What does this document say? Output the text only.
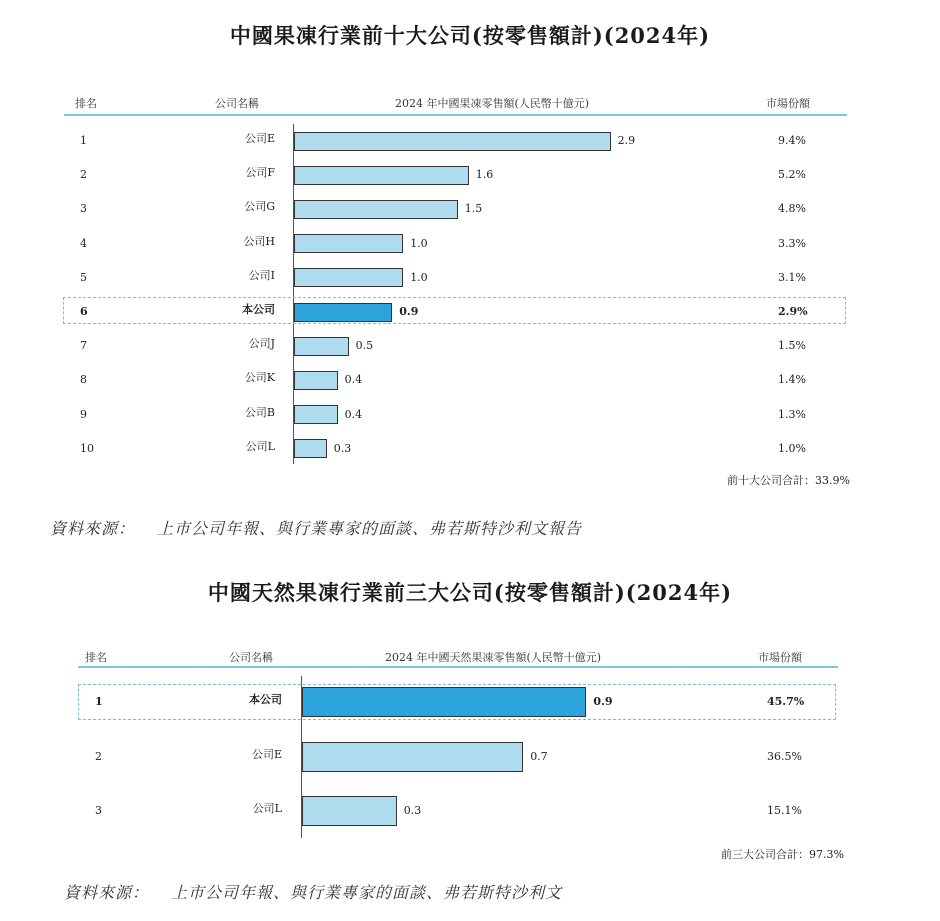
中國果凍行業前十大公司(按零售額計)(2024年)
排名	公司名稱	2024 年中國果凍零售額(人民幣十億元)	市場份額
1	公司E	2.9	9.4%
2	公司F	1.6	5.2%
3	公司G	1.5	4.8%
4	公司H	1.0	3.3%
5	公司I	1.0	3.1%
6	本公司	0.9	2.9%
7	公司J	0.5	1.5%
8	公司K	0.4	1.4%
9	公司B	0.4	1.3%
10	公司L	0.3	1.0%
前十大公司合計：33.9%
資料來源： 上市公司年報、與行業專家的面談、弗若斯特沙利文報告
中國天然果凍行業前三大公司(按零售額計)(2024年)
排名	公司名稱	2024 年中國天然果凍零售額(人民幣十億元)	市場份額
1	本公司	0.9	45.7%
2	公司E	0.7	36.5%
3	公司L	0.3	15.1%
前三大公司合計：97.3%
資料來源： 上市公司年報、與行業專家的面談、弗若斯特沙利文
